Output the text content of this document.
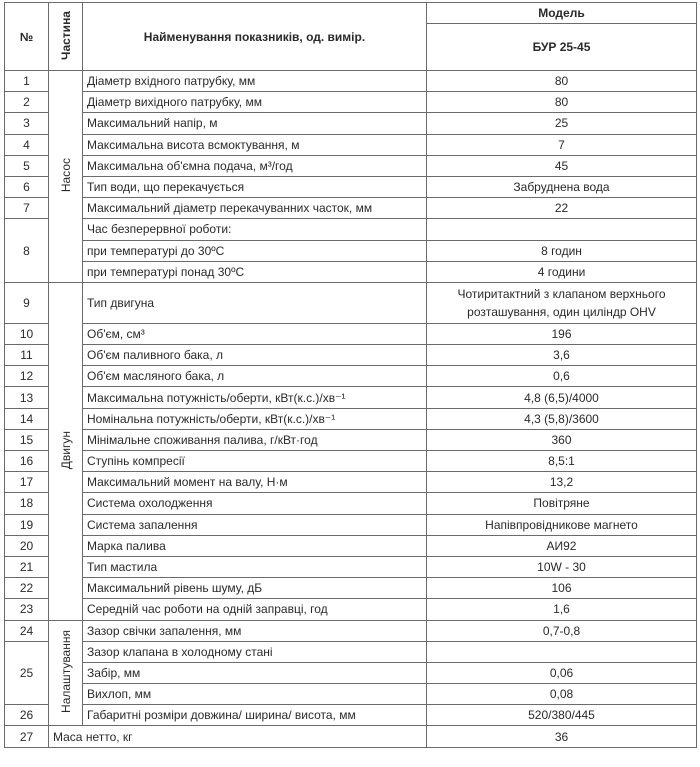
№	Частина	Найменування показників, од. вимір.	Модель
			БУР 25-45
1	Насос	Діаметр вхідного патрубку, мм	80
2		Діаметр вихідного патрубку, мм	80
3		Максимальний напір, м	25
4		Максимальна висота всмоктування, м	7
5		Максимальна об'ємна подача, м³/год	45
6		Тип води, що перекачується	Забруднена вода
7		Максимальний діаметр перекачуванних часток, мм	22
8		Час безперервної роботи:	
		при температурі до 30ºС	8 годин
		при температурі понад 30ºС	4 години
9	Двигун	Тип двигуна	Чотиритактний з клапаном верхнього розташування, один циліндр OHV
10		Об'єм, см³	196
11		Об'єм паливного бака, л	3,6
12		Об'єм масляного бака, л	0,6
13		Максимальна потужність/оберти, кВт(к.с.)/хв⁻¹	4,8 (6,5)/4000
14		Номінальна потужність/оберти, кВт(к.с.)/хв⁻¹	4,3 (5,8)/3600
15		Мінімальне споживання палива, г/кВт·год	360
16		Ступінь компресії	8,5:1
17		Максимальний момент на валу, Н·м	13,2
18		Система охолодження	Повітряне
19		Система запалення	Напівпровідникове магнето
20		Марка палива	АИ92
21		Тип мастила	10W - 30
22		Максимальний рівень шуму, дБ	106
23		Середній час роботи на одній заправці, год	1,6
24	Налаштування	Зазор свічки запалення, мм	0,7-0,8
25		Зазор клапана в холодному стані	
		Забір, мм	0,06
		Вихлоп, мм	0,08
26		Габаритні розміри довжина/ ширина/ висота, мм	520/380/445
27	Маса нетто, кг		36
